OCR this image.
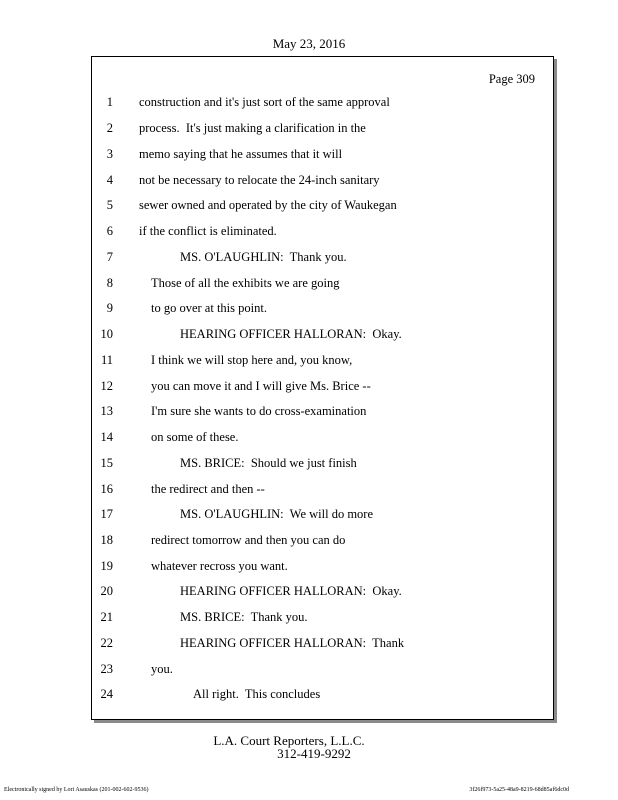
May 23, 2016
Page 309
1 construction and it's just sort of the same approval
2 process.  It's just making a clarification in the
3 memo saying that he assumes that it will
4 not be necessary to relocate the 24-inch sanitary
5 sewer owned and operated by the city of Waukegan
6 if the conflict is eliminated.
7	MS. O'LAUGHLIN:  Thank you.
8	Those of all the exhibits we are going
9	to go over at this point.
10	HEARING OFFICER HALLORAN:  Okay.
11	I think we will stop here and, you know,
12	you can move it and I will give Ms. Brice --
13	I'm sure she wants to do cross-examination
14	on some of these.
15	MS. BRICE:  Should we just finish
16	the redirect and then --
17	MS. O'LAUGHLIN:  We will do more
18	redirect tomorrow and then you can do
19	whatever recross you want.
20	HEARING OFFICER HALLORAN:  Okay.
21	MS. BRICE:  Thank you.
22	HEARING OFFICER HALLORAN:  Thank
23	you.
24	All right.  This concludes
L.A. Court Reporters, L.L.C.
312-419-9292
Electronically signed by Lori Asauskas (201-002-602-9536)	3f26f973-5a25-48a9-8219-68d85af6dc0d
